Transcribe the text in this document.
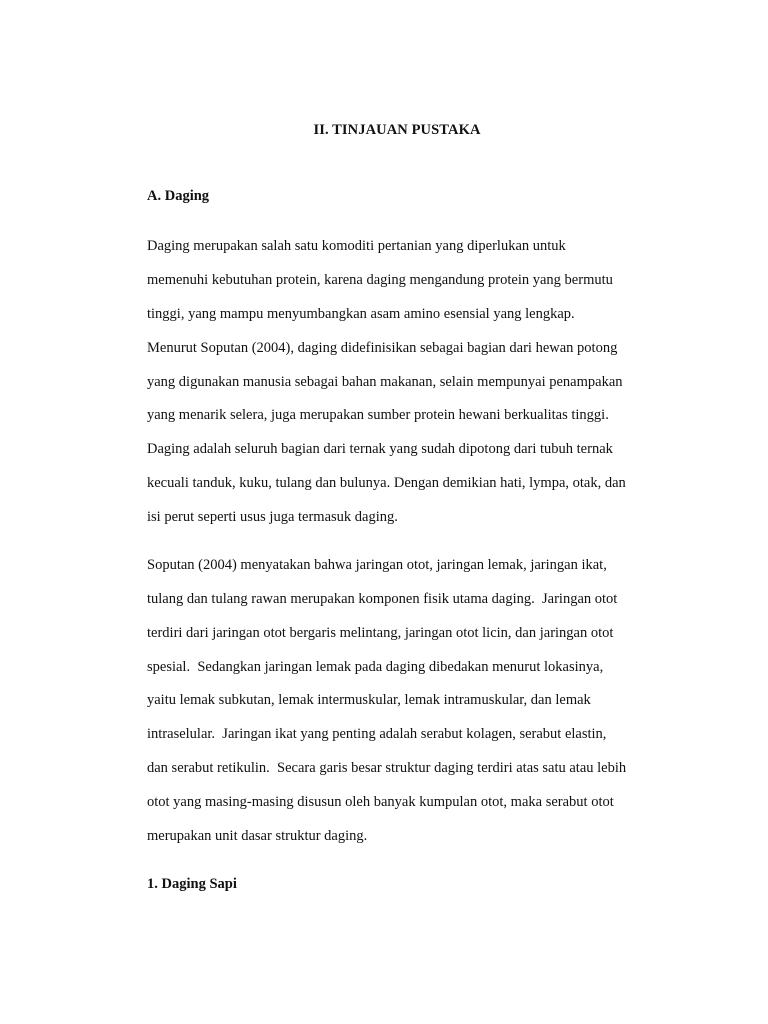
II. TINJAUAN PUSTAKA
A. Daging
Daging merupakan salah satu komoditi pertanian yang diperlukan untuk
memenuhi kebutuhan protein, karena daging mengandung protein yang bermutu
tinggi, yang mampu menyumbangkan asam amino esensial yang lengkap.
Menurut Soputan (2004), daging didefinisikan sebagai bagian dari hewan potong
yang digunakan manusia sebagai bahan makanan, selain mempunyai penampakan
yang menarik selera, juga merupakan sumber protein hewani berkualitas tinggi.
Daging adalah seluruh bagian dari ternak yang sudah dipotong dari tubuh ternak
kecuali tanduk, kuku, tulang dan bulunya. Dengan demikian hati, lympa, otak, dan
isi perut seperti usus juga termasuk daging.
Soputan (2004) menyatakan bahwa jaringan otot, jaringan lemak, jaringan ikat,
tulang dan tulang rawan merupakan komponen fisik utama daging.  Jaringan otot
terdiri dari jaringan otot bergaris melintang, jaringan otot licin, dan jaringan otot
spesial.  Sedangkan jaringan lemak pada daging dibedakan menurut lokasinya,
yaitu lemak subkutan, lemak intermuskular, lemak intramuskular, dan lemak
intraselular.  Jaringan ikat yang penting adalah serabut kolagen, serabut elastin,
dan serabut retikulin.  Secara garis besar struktur daging terdiri atas satu atau lebih
otot yang masing-masing disusun oleh banyak kumpulan otot, maka serabut otot
merupakan unit dasar struktur daging.
1. Daging Sapi
